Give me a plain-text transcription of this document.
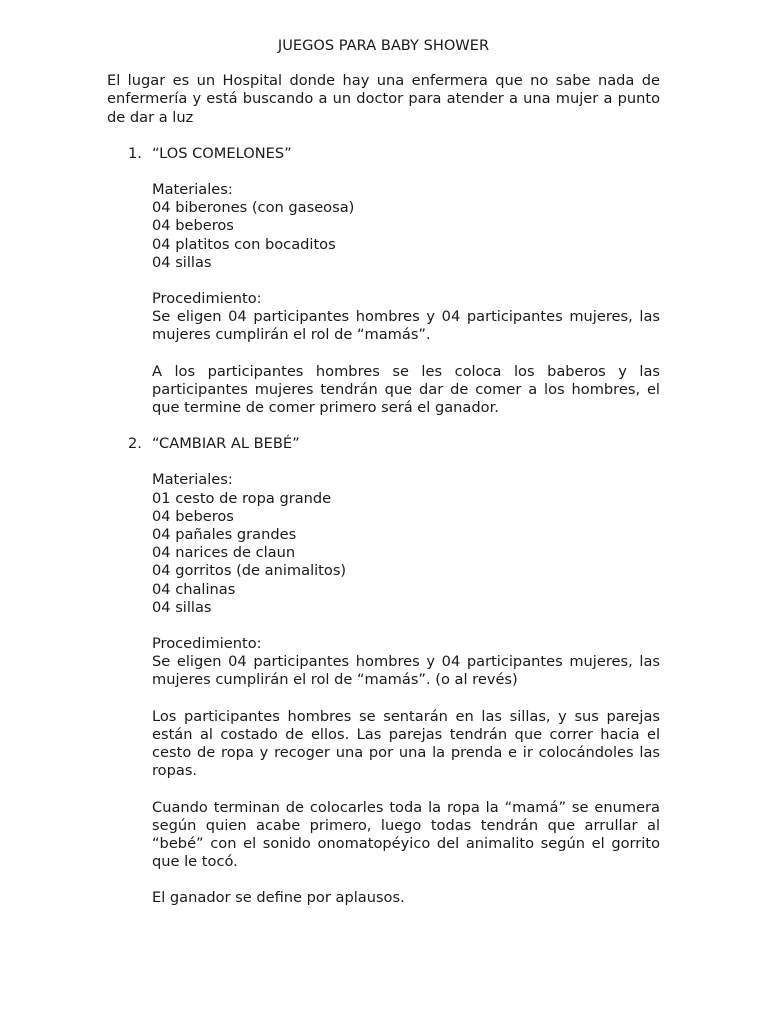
JUEGOS PARA BABY SHOWER

El lugar es un Hospital donde hay una enfermera que no sabe nada de enfermería y está buscando a un doctor para atender a una mujer a punto de dar a luz

1. “LOS COMELONES”
Materiales:
04 biberones (con gaseosa)
04 beberos
04 platitos con bocaditos
04 sillas
Procedimiento:

Se eligen 04 participantes hombres y 04 participantes mujeres, las mujeres cumplirán el rol de “mamás”.

A los participantes hombres se les coloca los baberos y las participantes mujeres tendrán que dar de comer a los hombres, el que termine de comer primero será el ganador.

2. “CAMBIAR AL BEBÉ”
Materiales:
01 cesto de ropa grande
04 beberos
04 pañales grandes
04 narices de claun
04 gorritos (de animalitos)
04 chalinas
04 sillas
Procedimiento:

Se eligen 04 participantes hombres y 04 participantes mujeres, las mujeres cumplirán el rol de “mamás”. (o al revés)

Los participantes hombres se sentarán en las sillas, y sus parejas están al costado de ellos. Las parejas tendrán que correr hacia el cesto de ropa y recoger una por una la prenda e ir colocándoles las ropas.

Cuando terminan de colocarles toda la ropa la “mamá” se enumera según quien acabe primero, luego todas tendrán que arrullar al “bebé” con el sonido onomatopéyico del animalito según el gorrito que le tocó.

El ganador se define por aplausos.
